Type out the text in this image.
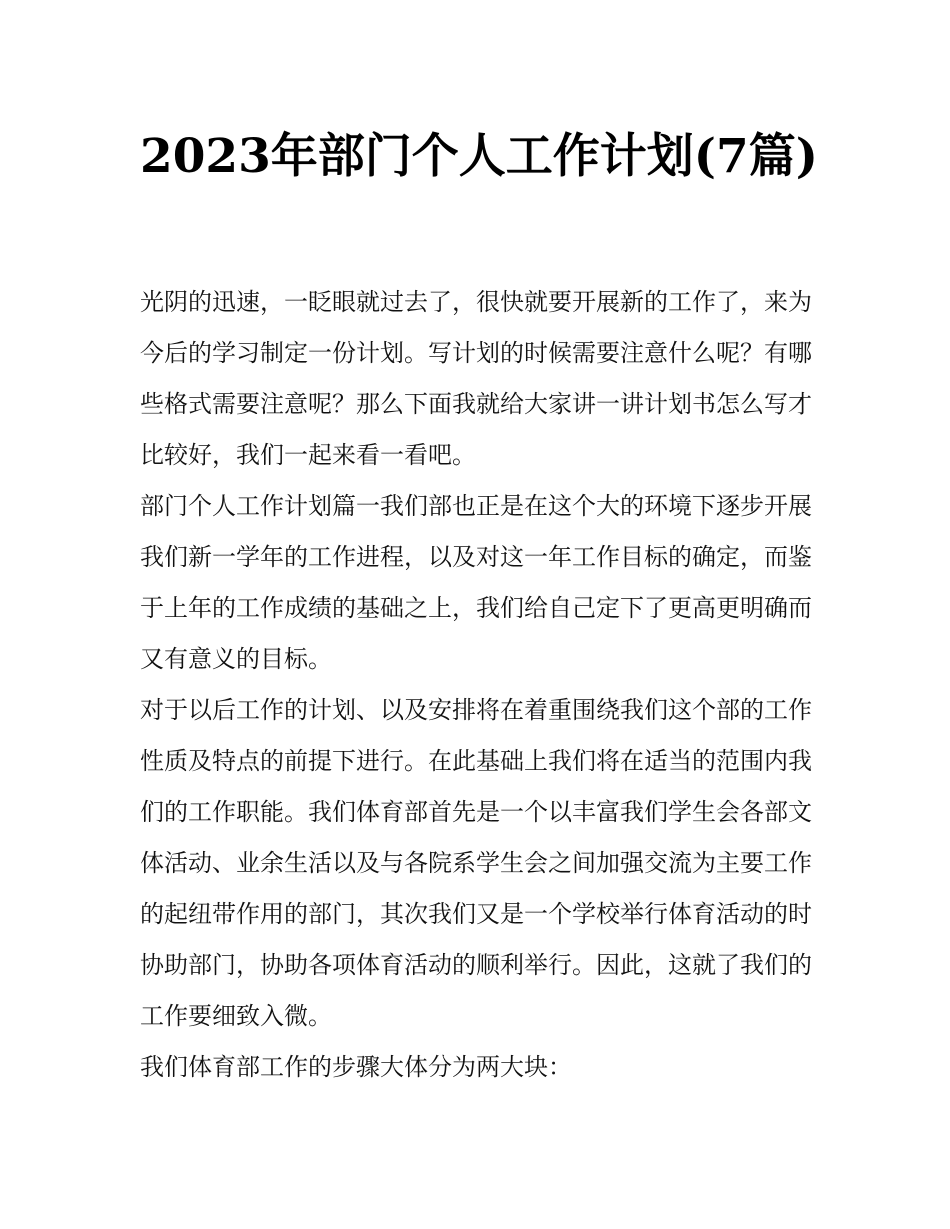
2023年部门个人工作计划(7篇)

光阴的迅速，一眨眼就过去了，很快就要开展新的工作了，来为今后的学习制定一份计划。写计划的时候需要注意什么呢？有哪些格式需要注意呢？那么下面我就给大家讲一讲计划书怎么写才比较好，我们一起来看一看吧。

部门个人工作计划篇一我们部也正是在这个大的环境下逐步开展我们新一学年的工作进程，以及对这一年工作目标的确定，而鉴于上年的工作成绩的基础之上，我们给自己定下了更高更明确而又有意义的目标。

对于以后工作的计划、以及安排将在着重围绕我们这个部的工作性质及特点的前提下进行。在此基础上我们将在适当的范围内我们的工作职能。我们体育部首先是一个以丰富我们学生会各部文体活动、业余生活以及与各院系学生会之间加强交流为主要工作的起纽带作用的部门，其次我们又是一个学校举行体育活动的时协助部门，协助各项体育活动的顺利举行。因此，这就了我们的工作要细致入微。

我们体育部工作的步骤大体分为两大块：
